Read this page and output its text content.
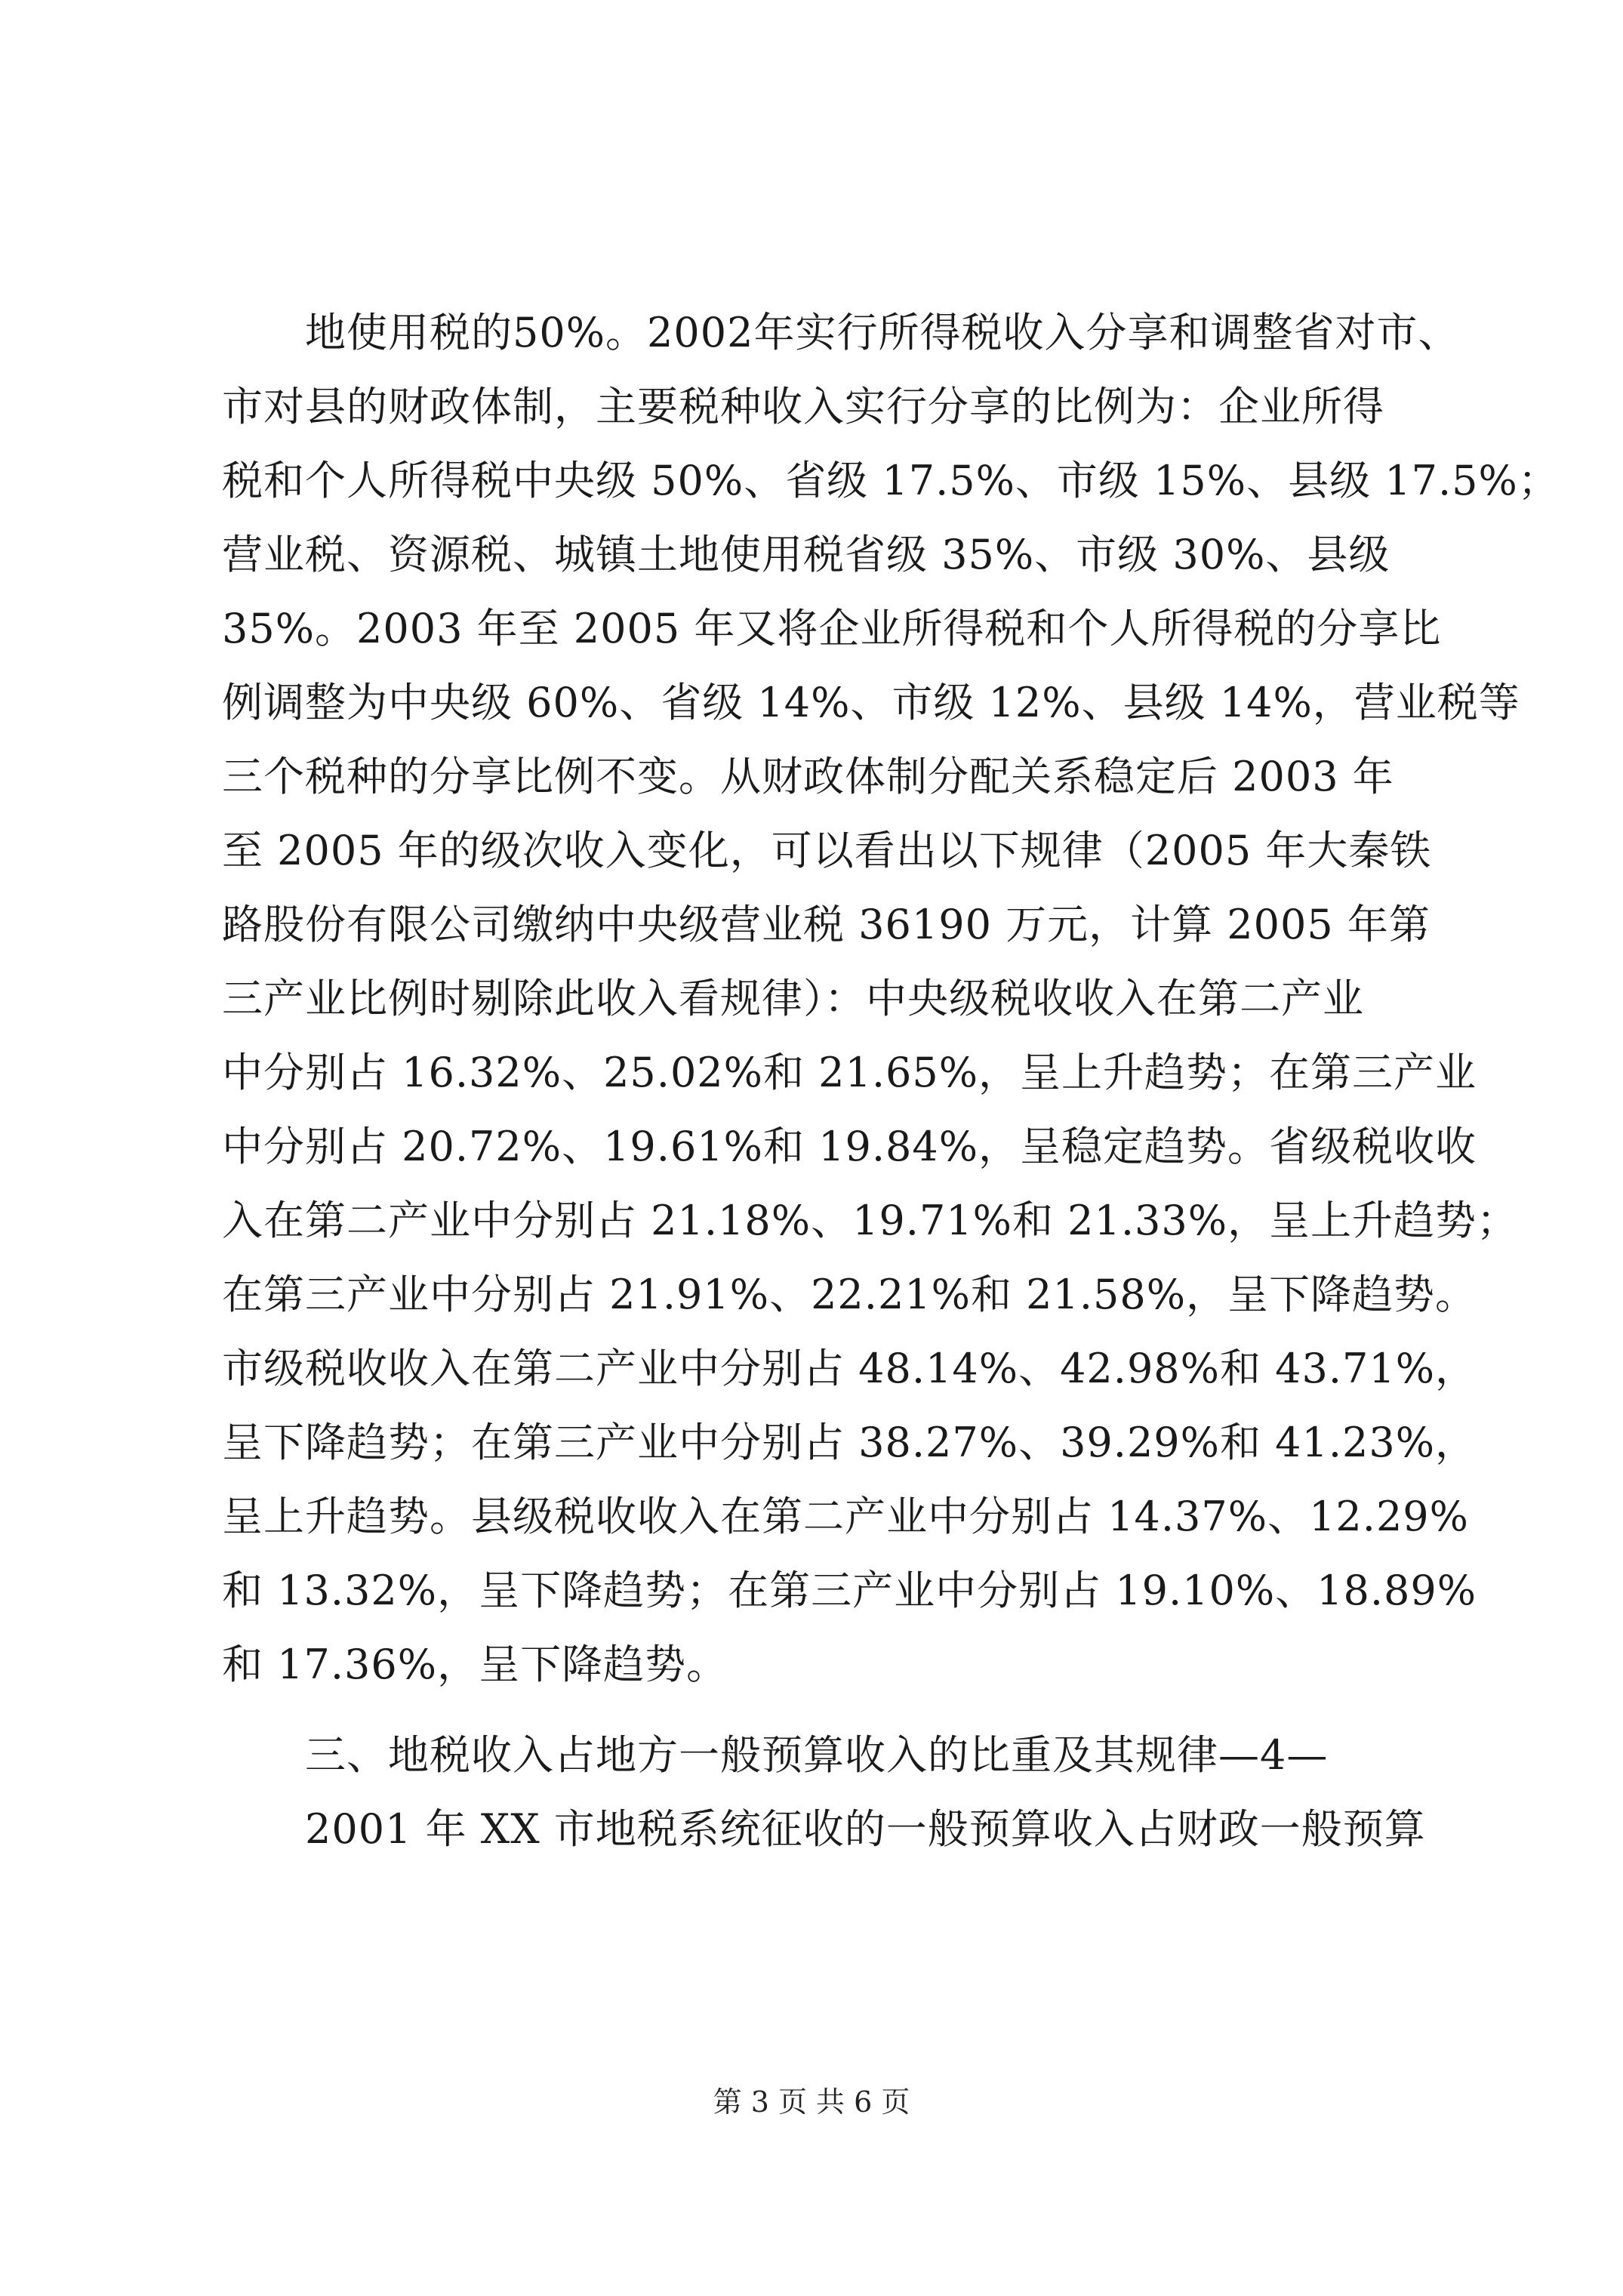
地使用税的50%。2002年实行所得税收入分享和调整省对市、
市对县的财政体制，主要税种收入实行分享的比例为：企业所得
税和个人所得税中央级 50%、省级 17.5%、市级 15%、县级 17.5%；
营业税、资源税、城镇土地使用税省级 35%、市级 30%、县级
35%。2003 年至 2005 年又将企业所得税和个人所得税的分享比
例调整为中央级 60%、省级 14%、市级 12%、县级 14%，营业税等
三个税种的分享比例不变。从财政体制分配关系稳定后 2003 年
至 2005 年的级次收入变化，可以看出以下规律（2005 年大秦铁
路股份有限公司缴纳中央级营业税 36190 万元，计算 2005 年第
三产业比例时剔除此收入看规律）：中央级税收收入在第二产业
中分别占 16.32%、25.02%和 21.65%，呈上升趋势；在第三产业
中分别占 20.72%、19.61%和 19.84%，呈稳定趋势。省级税收收
入在第二产业中分别占 21.18%、19.71%和 21.33%，呈上升趋势；
在第三产业中分别占 21.91%、22.21%和 21.58%，呈下降趋势。
市级税收收入在第二产业中分别占 48.14%、42.98%和 43.71%，
呈下降趋势；在第三产业中分别占 38.27%、39.29%和 41.23%，
呈上升趋势。县级税收收入在第二产业中分别占 14.37%、12.29%
和 13.32%，呈下降趋势；在第三产业中分别占 19.10%、18.89%
和 17.36%，呈下降趋势。
三、地税收入占地方一般预算收入的比重及其规律—4—
2001 年 XX 市地税系统征收的一般预算收入占财政一般预算
第 3 页 共 6 页
